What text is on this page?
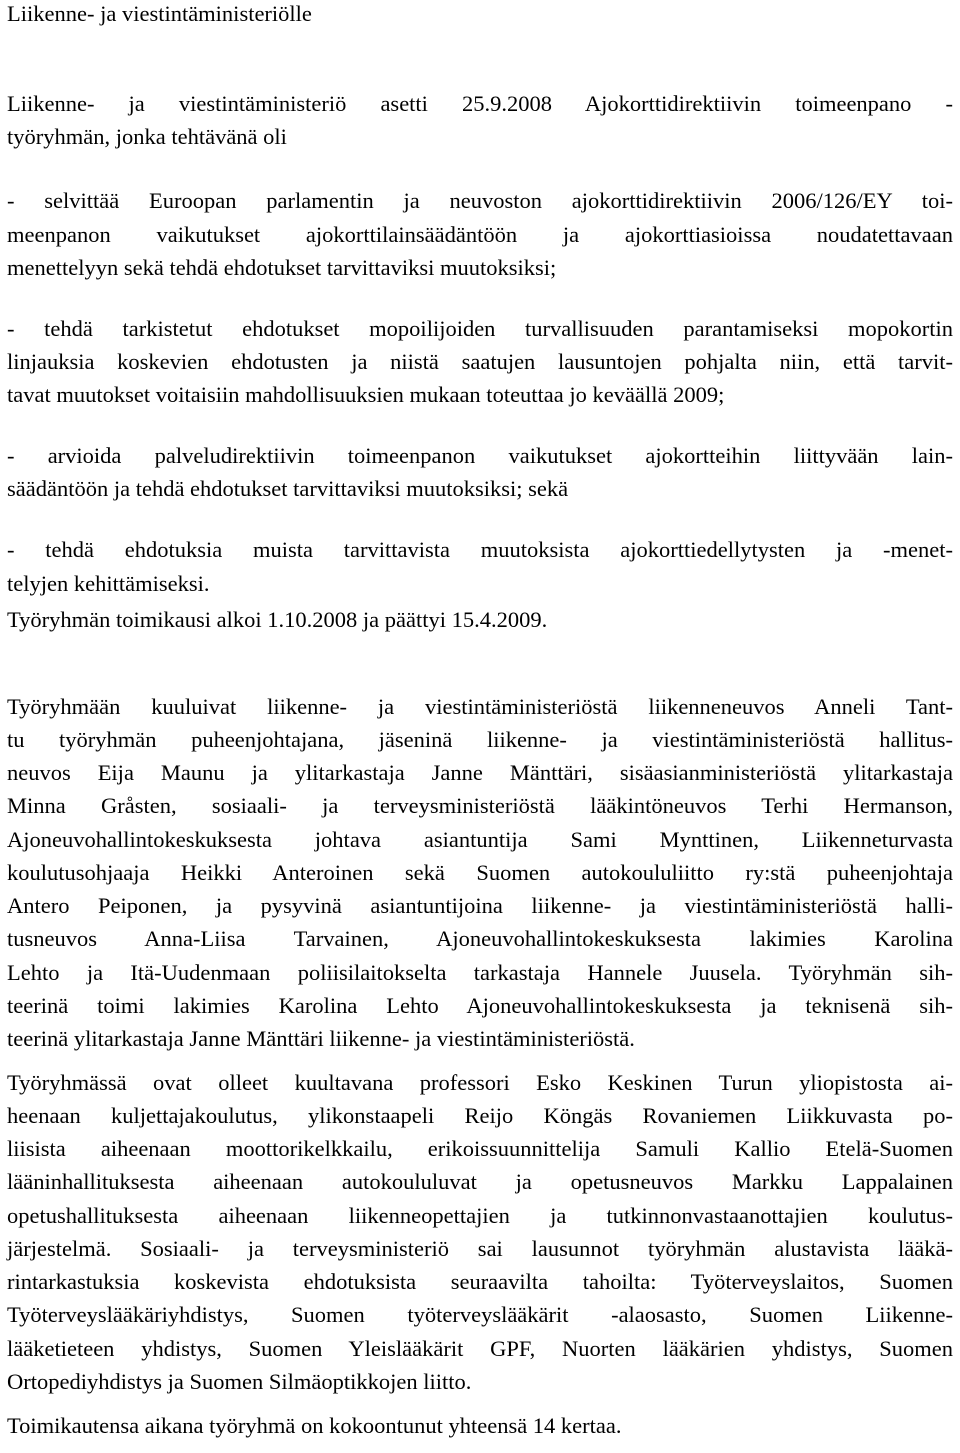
Liikenne- ja viestintäministeriölle
Liikenne- ja viestintäministeriö asetti 25.9.2008 Ajokorttidirektiivin toimeenpano -
työryhmän, jonka tehtävänä oli
- selvittää Euroopan parlamentin ja neuvoston ajokorttidirektiivin 2006/126/EY toi-
meenpanon vaikutukset ajokorttilainsäädäntöön ja ajokorttiasioissa noudatettavaan
menettelyyn sekä tehdä ehdotukset tarvittaviksi muutoksiksi;
- tehdä tarkistetut ehdotukset mopoilijoiden turvallisuuden parantamiseksi mopokortin
linjauksia koskevien ehdotusten ja niistä saatujen lausuntojen pohjalta niin, että tarvit-
tavat muutokset voitaisiin mahdollisuuksien mukaan toteuttaa jo keväällä 2009;
- arvioida palveludirektiivin toimeenpanon vaikutukset ajokortteihin liittyvään lain-
säädäntöön ja tehdä ehdotukset tarvittaviksi muutoksiksi; sekä
- tehdä ehdotuksia muista tarvittavista muutoksista ajokorttiedellytysten ja -menet-
telyjen kehittämiseksi.
Työryhmän toimikausi alkoi 1.10.2008 ja päättyi 15.4.2009.
Työryhmään kuuluivat liikenne- ja viestintäministeriöstä liikenneneuvos Anneli Tant-
tu työryhmän puheenjohtajana, jäseninä liikenne- ja viestintäministeriöstä hallitus-
neuvos Eija Maunu ja ylitarkastaja Janne Mänttäri, sisäasianministeriöstä ylitarkastaja
Minna Gråsten, sosiaali- ja terveysministeriöstä lääkintöneuvos Terhi Hermanson,
Ajoneuvohallintokeskuksesta johtava asiantuntija Sami Mynttinen, Liikenneturvasta
koulutusohjaaja Heikki Anteroinen sekä Suomen autokoululiitto ry:stä puheenjohtaja
Antero Peiponen, ja pysyvinä asiantuntijoina liikenne- ja viestintäministeriöstä halli-
tusneuvos Anna-Liisa Tarvainen, Ajoneuvohallintokeskuksesta lakimies Karolina
Lehto ja Itä-Uudenmaan poliisilaitokselta tarkastaja Hannele Juusela. Työryhmän sih-
teerinä toimi lakimies Karolina Lehto Ajoneuvohallintokeskuksesta ja teknisenä sih-
teerinä ylitarkastaja Janne Mänttäri liikenne- ja viestintäministeriöstä.
Työryhmässä ovat olleet kuultavana professori Esko Keskinen Turun yliopistosta ai-
heenaan kuljettajakoulutus, ylikonstaapeli Reijo Köngäs Rovaniemen Liikkuvasta po-
liisista aiheenaan moottorikelkkailu, erikoissuunnittelija Samuli Kallio Etelä-Suomen
lääninhallituksesta aiheenaan autokoululuvat ja opetusneuvos Markku Lappalainen
opetushallituksesta aiheenaan liikenneopettajien ja tutkinnonvastaanottajien koulutus-
järjestelmä. Sosiaali- ja terveysministeriö sai lausunnot työryhmän alustavista lääkä-
rintarkastuksia koskevista ehdotuksista seuraavilta tahoilta: Työterveyslaitos, Suomen
Työterveyslääkäriyhdistys, Suomen työterveyslääkärit -alaosasto, Suomen Liikenne-
lääketieteen yhdistys, Suomen Yleislääkärit GPF, Nuorten lääkärien yhdistys, Suomen
Ortopediyhdistys ja Suomen Silmäoptikkojen liitto.
Toimikautensa aikana työryhmä on kokoontunut yhteensä 14 kertaa.
